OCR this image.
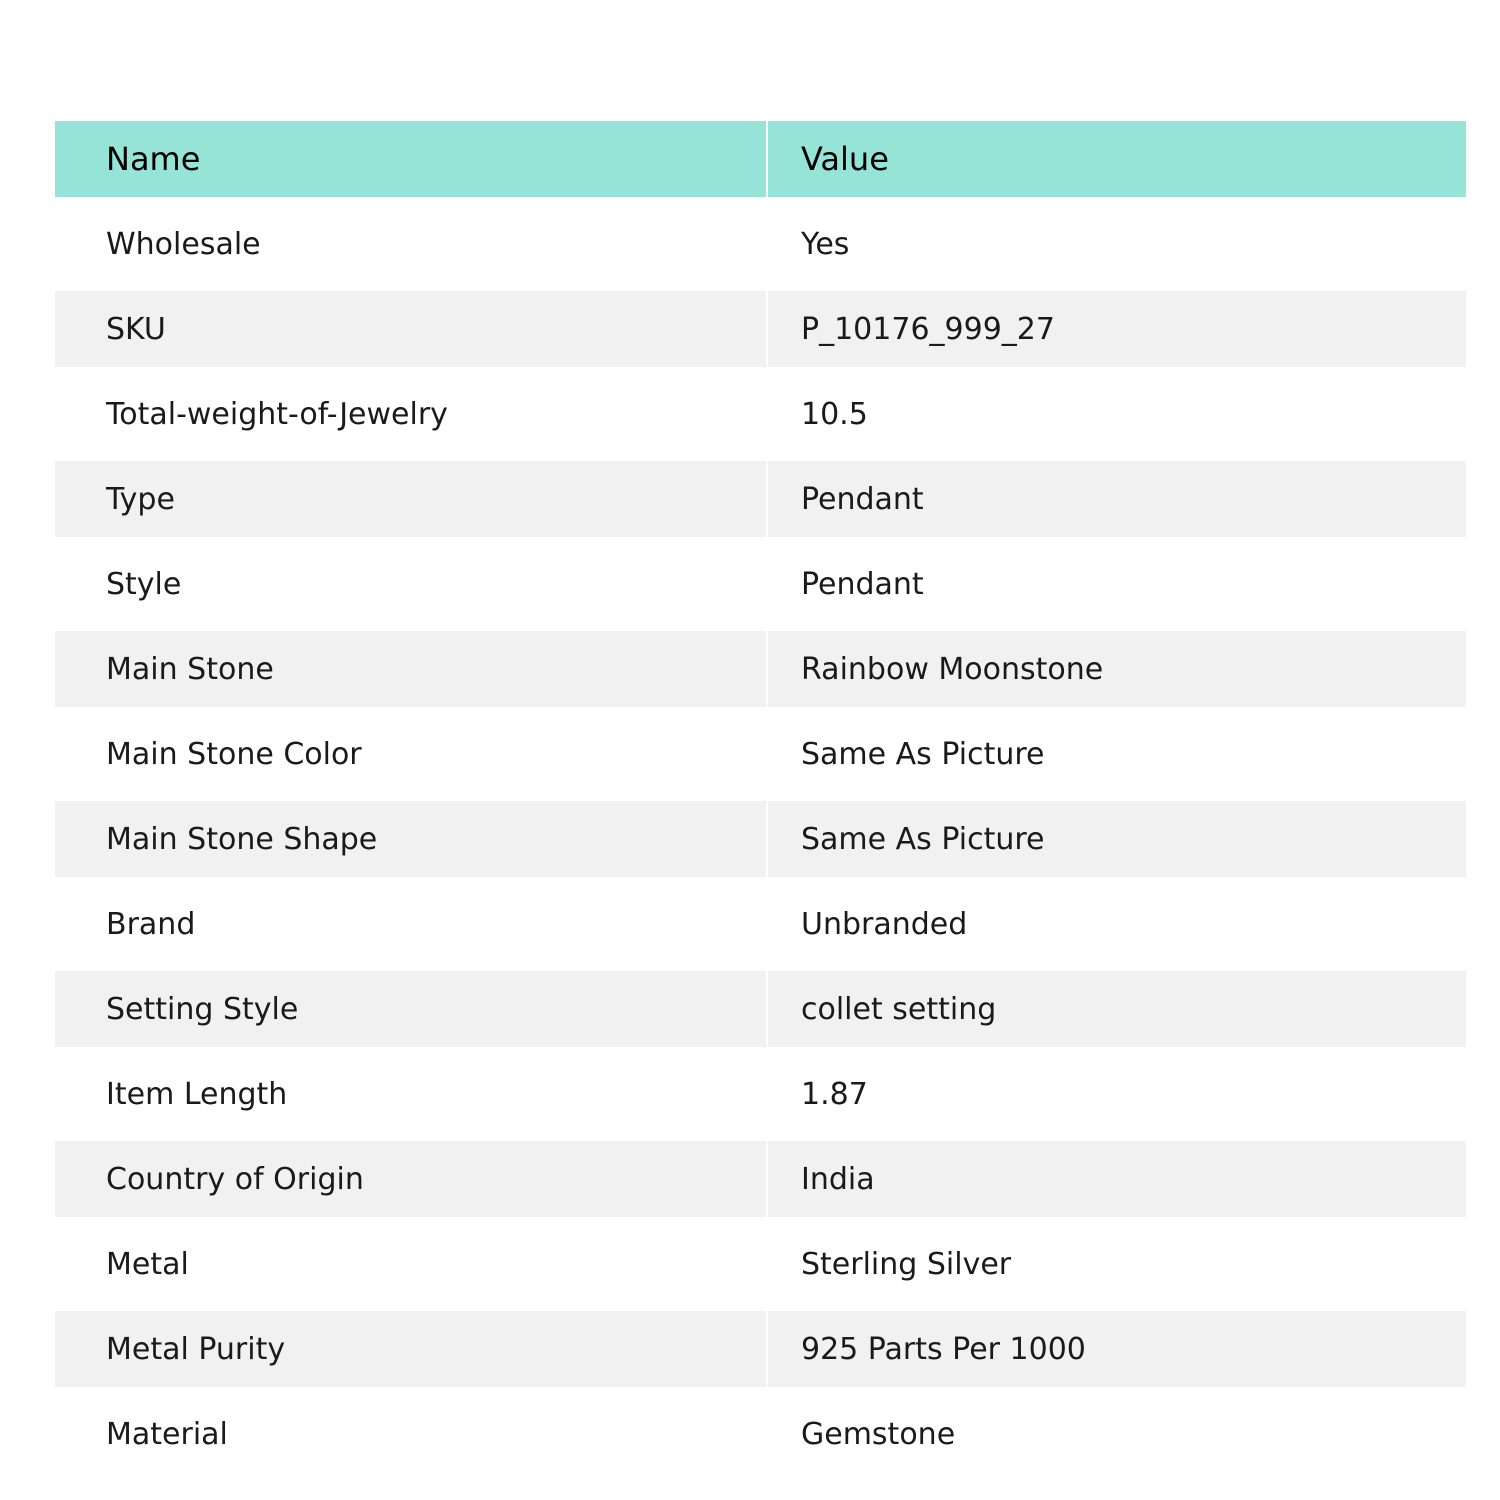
Name	Value
Wholesale	Yes
SKU	P_10176_999_27
Total-weight-of-Jewelry	10.5
Type	Pendant
Style	Pendant
Main Stone	Rainbow Moonstone
Main Stone Color	Same As Picture
Main Stone Shape	Same As Picture
Brand	Unbranded
Setting Style	collet setting
Item Length	1.87
Country of Origin	India
Metal	Sterling Silver
Metal Purity	925 Parts Per 1000
Material	Gemstone
